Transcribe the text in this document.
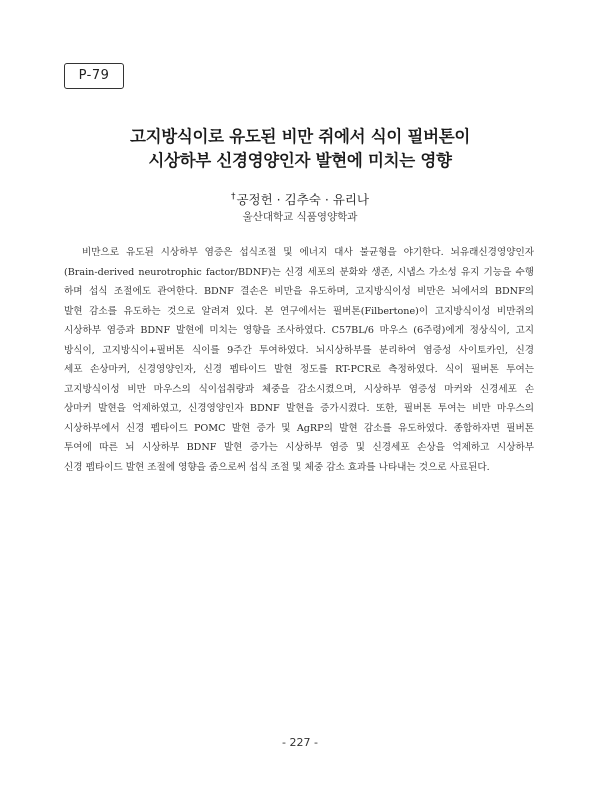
P-79
고지방식이로 유도된 비만 쥐에서 식이 필버톤이
시상하부 신경영양인자 발현에 미치는 영향
†공정헌 · 김추숙 · 유리나
울산대학교 식품영양학과
비만으로 유도된 시상하부 염증은 섭식조절 및 에너지 대사 불균형을 야기한다. 뇌유래신경영양인자
(Brain-derived neurotrophic factor/BDNF)는 신경 세포의 분화와 생존, 시냅스 가소성 유지 기능을 수행
하며 섭식 조절에도 관여한다. BDNF 결손은 비만을 유도하며, 고지방식이성 비만은 뇌에서의 BDNF의
발현 감소를 유도하는 것으로 알려져 있다. 본 연구에서는 필버톤(Filbertone)이 고지방식이성 비만쥐의
시상하부 염증과 BDNF 발현에 미치는 영향을 조사하였다. C57BL/6 마우스 (6주령)에게 정상식이, 고지
방식이, 고지방식이+필버톤 식이를 9주간 투여하였다. 뇌시상하부를 분리하여 염증성 사이토카인, 신경
세포 손상마커, 신경영양인자, 신경 펩타이드 발현 정도를 RT-PCR로 측정하였다. 식이 필버톤 투여는
고지방식이성 비만 마우스의 식이섭취량과 체중을 감소시켰으며, 시상하부 염증성 마커와 신경세포 손
상마커 발현을 억제하였고, 신경영양인자 BDNF 발현을 증가시켰다. 또한, 필버톤 투여는 비만 마우스의
시상하부에서 신경 펩타이드 POMC 발현 증가 및 AgRP의 발현 감소를 유도하였다. 종합하자면 필버톤
투여에 따른 뇌 시상하부 BDNF 발현 증가는 시상하부 염증 및 신경세포 손상을 억제하고 시상하부
신경 펩타이드 발현 조절에 영향을 줌으로써 섭식 조절 및 체중 감소 효과를 나타내는 것으로 사료된다.
- 227 -
